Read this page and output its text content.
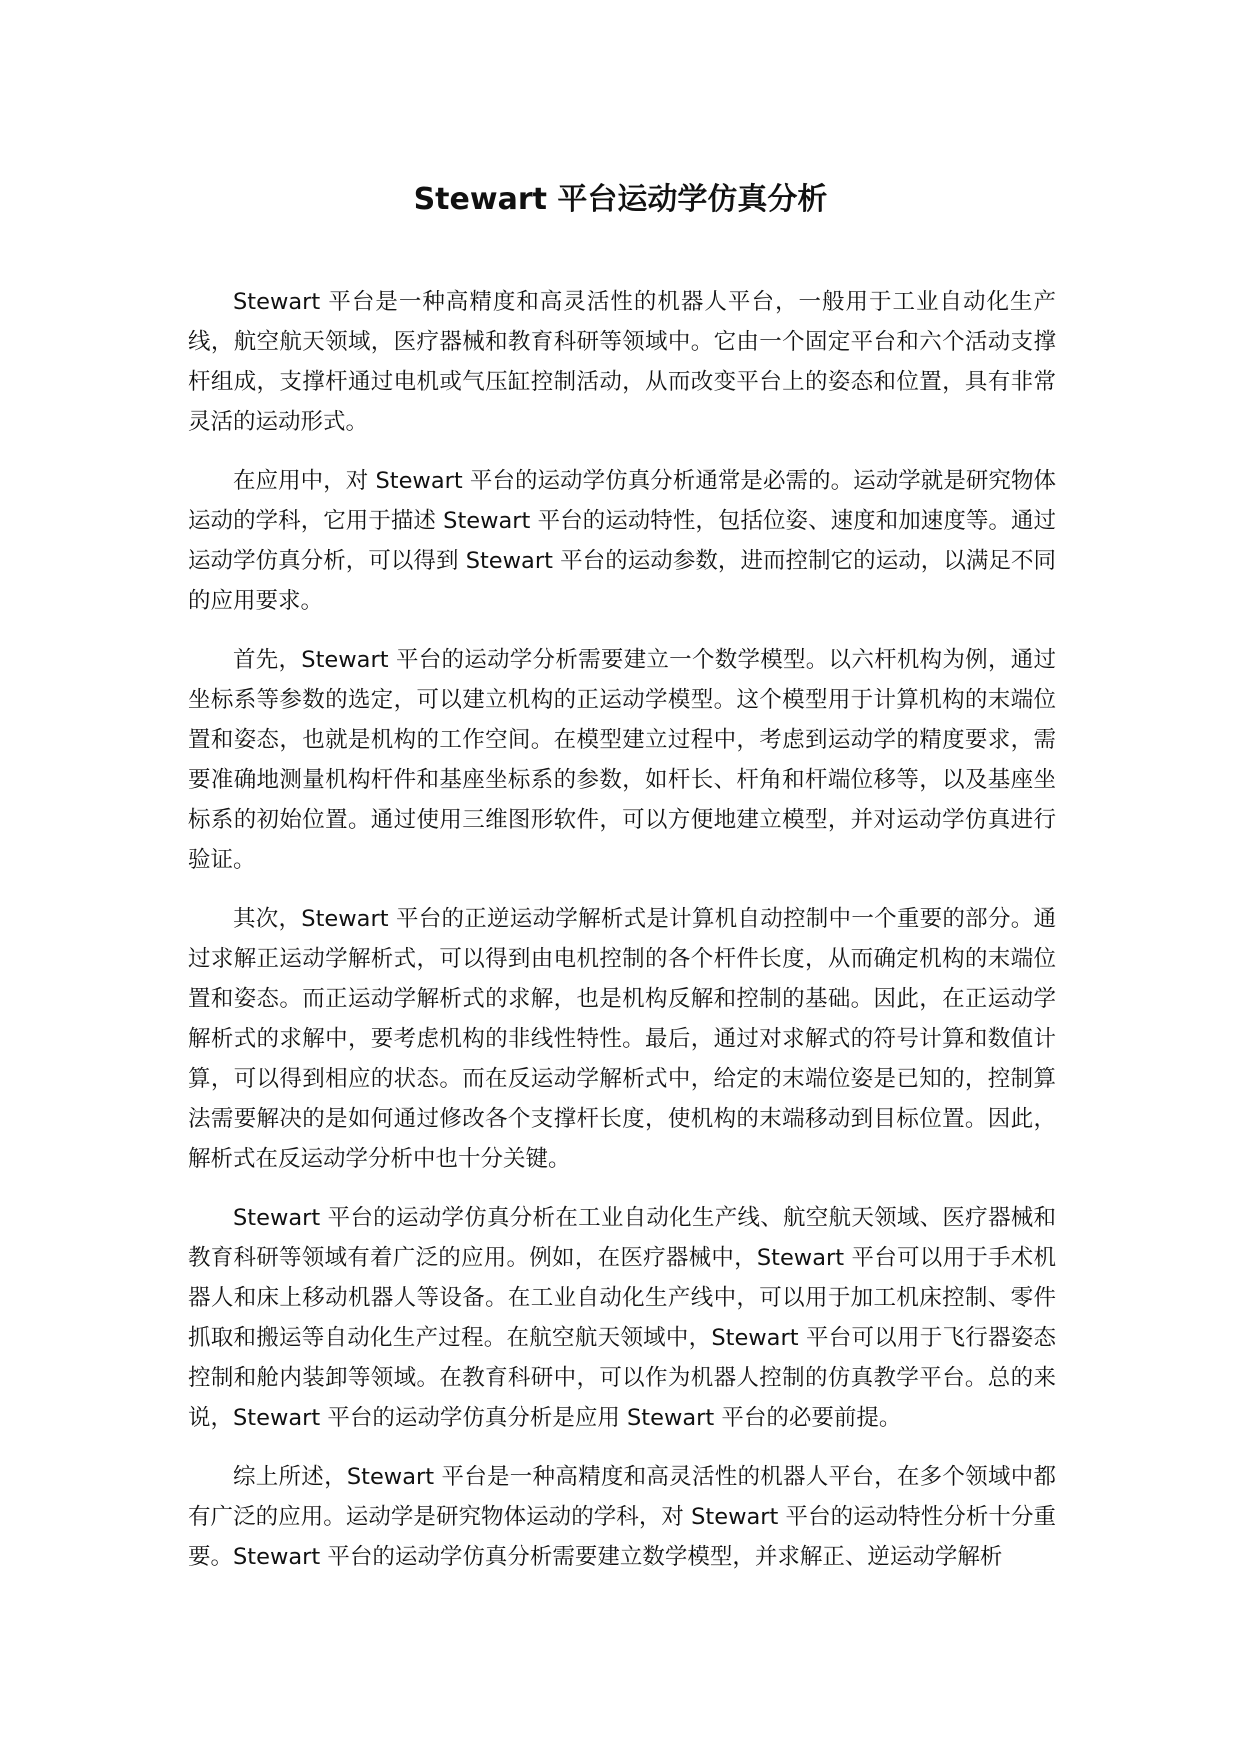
Stewart 平台运动学仿真分析

Stewart 平台是一种高精度和高灵活性的机器人平台，一般用于工业自动化生产线，航空航天领域，医疗器械和教育科研等领域中。它由一个固定平台和六个活动支撑杆组成，支撑杆通过电机或气压缸控制活动，从而改变平台上的姿态和位置，具有非常灵活的运动形式。

在应用中，对 Stewart 平台的运动学仿真分析通常是必需的。运动学就是研究物体运动的学科，它用于描述 Stewart 平台的运动特性，包括位姿、速度和加速度等。通过运动学仿真分析，可以得到 Stewart 平台的运动参数，进而控制它的运动，以满足不同的应用要求。

首先，Stewart 平台的运动学分析需要建立一个数学模型。以六杆机构为例，通过坐标系等参数的选定，可以建立机构的正运动学模型。这个模型用于计算机构的末端位置和姿态，也就是机构的工作空间。在模型建立过程中，考虑到运动学的精度要求，需要准确地测量机构杆件和基座坐标系的参数，如杆长、杆角和杆端位移等，以及基座坐标系的初始位置。通过使用三维图形软件，可以方便地建立模型，并对运动学仿真进行验证。

其次，Stewart 平台的正逆运动学解析式是计算机自动控制中一个重要的部分。通过求解正运动学解析式，可以得到由电机控制的各个杆件长度，从而确定机构的末端位置和姿态。而正运动学解析式的求解，也是机构反解和控制的基础。因此，在正运动学解析式的求解中，要考虑机构的非线性特性。最后，通过对求解式的符号计算和数值计算，可以得到相应的状态。而在反运动学解析式中，给定的末端位姿是已知的，控制算法需要解决的是如何通过修改各个支撑杆长度，使机构的末端移动到目标位置。因此，解析式在反运动学分析中也十分关键。

Stewart 平台的运动学仿真分析在工业自动化生产线、航空航天领域、医疗器械和教育科研等领域有着广泛的应用。例如，在医疗器械中，Stewart 平台可以用于手术机器人和床上移动机器人等设备。在工业自动化生产线中，可以用于加工机床控制、零件抓取和搬运等自动化生产过程。在航空航天领域中，Stewart 平台可以用于飞行器姿态控制和舱内装卸等领域。在教育科研中，可以作为机器人控制的仿真教学平台。总的来说，Stewart 平台的运动学仿真分析是应用 Stewart 平台的必要前提。

综上所述，Stewart 平台是一种高精度和高灵活性的机器人平台，在多个领域中都有广泛的应用。运动学是研究物体运动的学科，对 Stewart 平台的运动特性分析十分重要。Stewart 平台的运动学仿真分析需要建立数学模型，并求解正、逆运动学解析
